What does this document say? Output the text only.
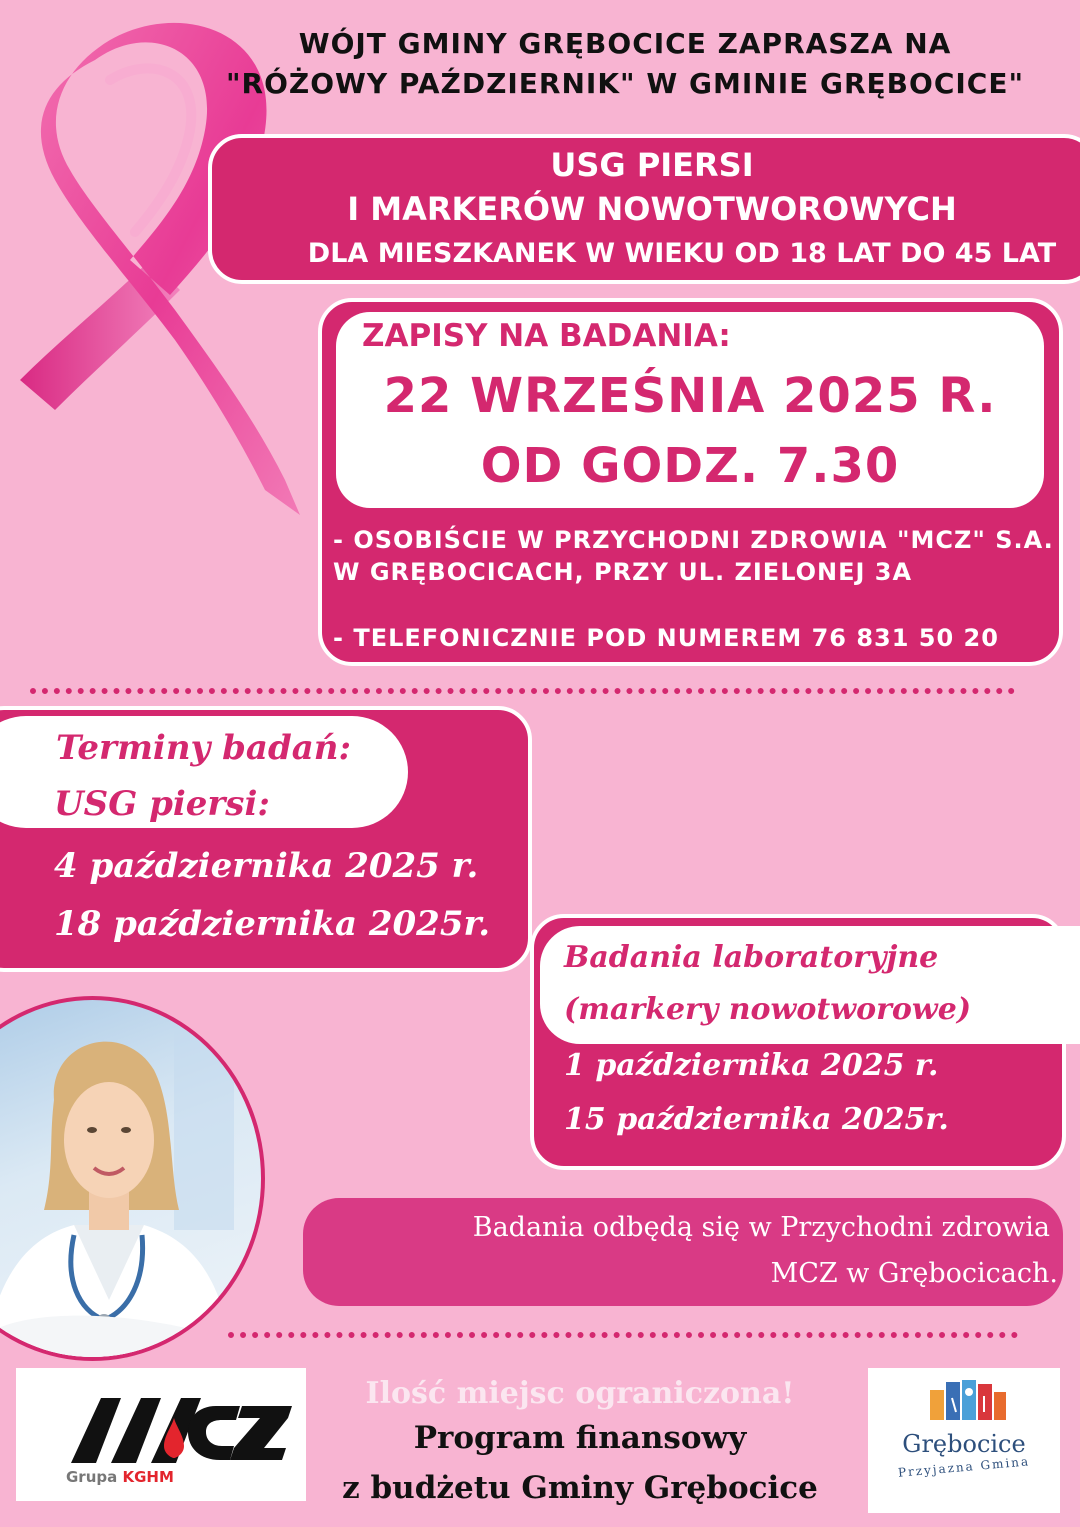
WÓJT GMINY GRĘBOCICE ZAPRASZA NA
"RÓŻOWY PAŹDZIERNIK" W GMINIE GRĘBOCICE"
USG PIERSI
I MARKERÓW NOWOTWOROWYCH
DLA MIESZKANEK W WIEKU OD 18 LAT DO 45 LAT
ZAPISY NA BADANIA:
22 WRZEŚNIA 2025 R.
OD GODZ. 7.30
- OSOBIŚCIE W PRZYCHODNI ZDROWIA "MCZ" S.A.
W GRĘBOCICACH, PRZY UL. ZIELONEJ 3A
- TELEFONICZNIE POD NUMEREM 76 831 50 20
Terminy badań:
USG piersi:
4 października 2025 r.
18 października 2025r.
Badania laboratoryjne
(markery nowotworowe)
1 października 2025 r.
15 października 2025r.
Badania odbędą się w Przychodni zdrowia
MCZ w Grębocicach.
Grupa KGHM
Ilość miejsc ograniczona!
Program finansowy
z budżetu Gminy Grębocice
Grębocice
Przyjazna Gmina
